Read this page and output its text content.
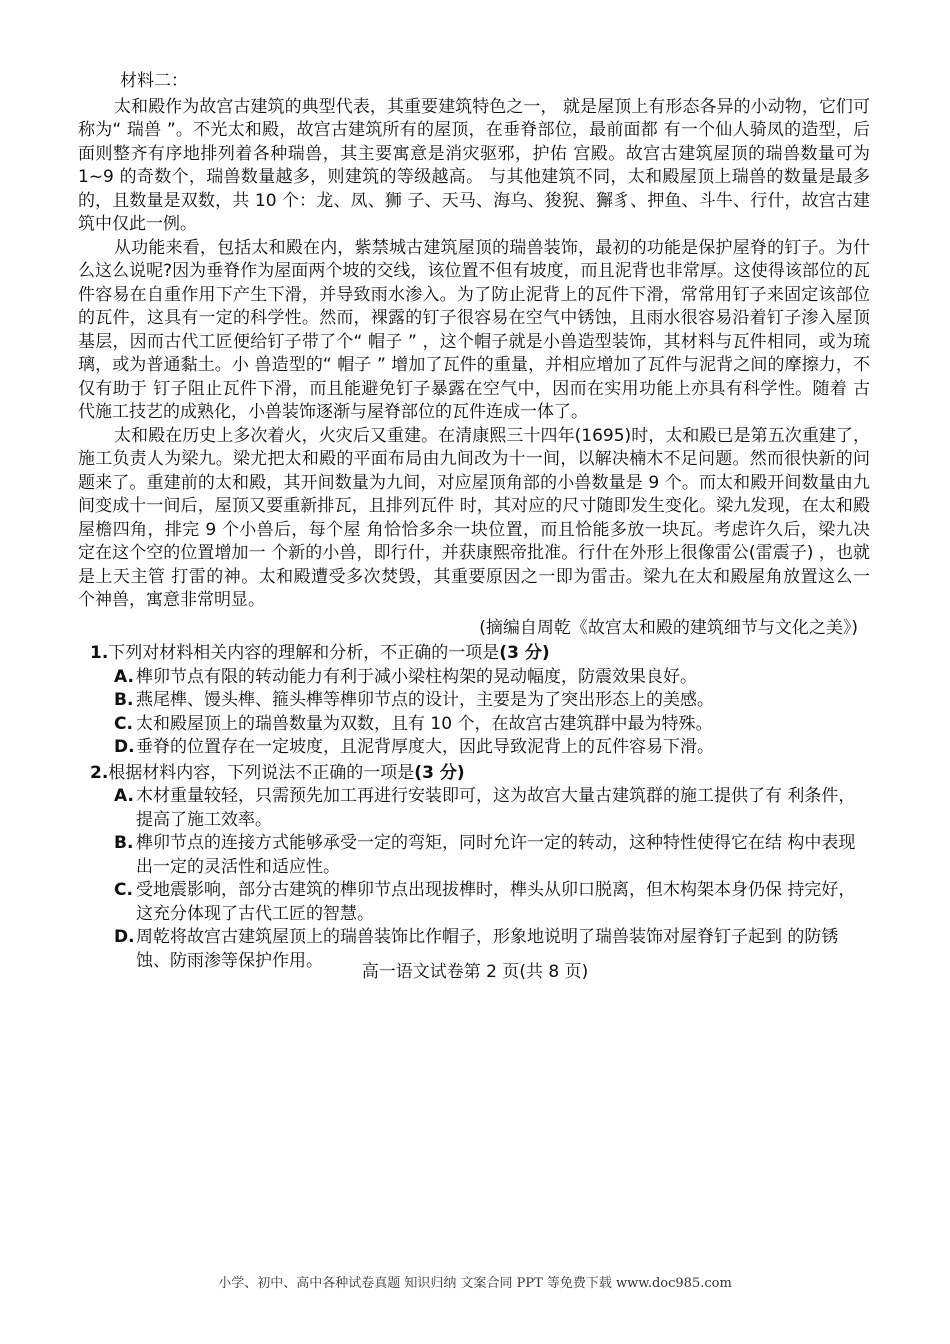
材料二：

太和殿作为故宫古建筑的典型代表，其重要建筑特色之一， 就是屋顶上有形态各异的小动物，它们可称为“ 瑞兽 ”。不光太和殿，故宫古建筑所有的屋顶，在垂脊部位，最前面都 有一个仙人骑凤的造型，后面则整齐有序地排列着各种瑞兽，其主要寓意是消灾驱邪，护佑 宫殿。故宫古建筑屋顶的瑞兽数量可为 1~9 的奇数个，瑞兽数量越多，则建筑的等级越高。 与其他建筑不同，太和殿屋顶上瑞兽的数量是最多的，且数量是双数，共 10 个：龙、凤、狮 子、天马、海乌、狻猊、獬豸、押鱼、斗牛、行什，故宫古建筑中仅此一例。

从功能来看，包括太和殿在内，紫禁城古建筑屋顶的瑞兽装饰，最初的功能是保护屋脊的钉子。为什么这么说呢?因为垂脊作为屋面两个坡的交线，该位置不但有坡度，而且泥背也非常厚。这使得该部位的瓦件容易在自重作用下产生下滑，并导致雨水渗入。为了防止泥背上的瓦件下滑，常常用钉子来固定该部位的瓦件，这具有一定的科学性。然而，裸露的钉子很容易在空气中锈蚀，且雨水很容易沿着钉子渗入屋顶基层，因而古代工匠便给钉子带了个“ 帽子 ” ，这个帽子就是小兽造型装饰，其材料与瓦件相同，或为琉璃，或为普通黏土。小 兽造型的“ 帽子 ” 增加了瓦件的重量，并相应增加了瓦件与泥背之间的摩擦力，不仅有助于 钉子阻止瓦件下滑，而且能避免钉子暴露在空气中，因而在实用功能上亦具有科学性。随着 古代施工技艺的成熟化，小兽装饰逐渐与屋脊部位的瓦件连成一体了。

太和殿在历史上多次着火，火灾后又重建。在清康熙三十四年(1695)时，太和殿已是第五次重建了，施工负责人为梁九。梁尤把太和殿的平面布局由九间改为十一间，以解决楠木不足问题。然而很快新的问题来了。重建前的太和殿，其开间数量为九间，对应屋顶角部的小兽数量是 9 个。而太和殿开间数量由九间变成十一间后，屋顶又要重新排瓦，且排列瓦件 时，其对应的尺寸随即发生变化。梁九发现，在太和殿屋檐四角，排完 9 个小兽后，每个屋 角恰恰多余一块位置，而且恰能多放一块瓦。考虑许久后，梁九决定在这个空的位置增加一 个新的小兽，即行什，并获康熙帝批准。行什在外形上很像雷公(雷震子) ，也就是上天主管 打雷的神。太和殿遭受多次焚毁，其重要原因之一即为雷击。梁九在太和殿屋角放置这么一 个神兽，寓意非常明显。

(摘编自周乾《故宫太和殿的建筑细节与文化之美》)
1.下列对材料相关内容的理解和分析，不正确的一项是(3 分)
A. 榫卯节点有限的转动能力有利于减小梁柱构架的晃动幅度，防震效果良好。
B. 燕尾榫、馒头榫、箍头榫等榫卯节点的设计，主要是为了突出形态上的美感。
C. 太和殿屋顶上的瑞兽数量为双数，且有 10 个，在故宫古建筑群中最为特殊。
D.垂脊的位置存在一定坡度，且泥背厚度大，因此导致泥背上的瓦件容易下滑。
2.根据材料内容，下列说法不正确的一项是(3 分)
A. 木材重量较轻，只需预先加工再进行安装即可，这为故宫大量古建筑群的施工提供了有 利条件，提高了施工效率。
B. 榫卯节点的连接方式能够承受一定的弯矩，同时允许一定的转动，这种特性使得它在结 构中表现出一定的灵活性和适应性。
C. 受地震影响，部分古建筑的榫卯节点出现拔榫时，榫头从卯口脱离，但木构架本身仍保 持完好，这充分体现了古代工匠的智慧。
D.周乾将故宫古建筑屋顶上的瑞兽装饰比作帽子，形象地说明了瑞兽装饰对屋脊钉子起到 的防锈蚀、防雨渗等保护作用。
高一语文试卷第 2 页(共 8 页)
小学、初中、高中各种试卷真题 知识归纳 文案合同 PPT 等免费下载 www.doc985.com
